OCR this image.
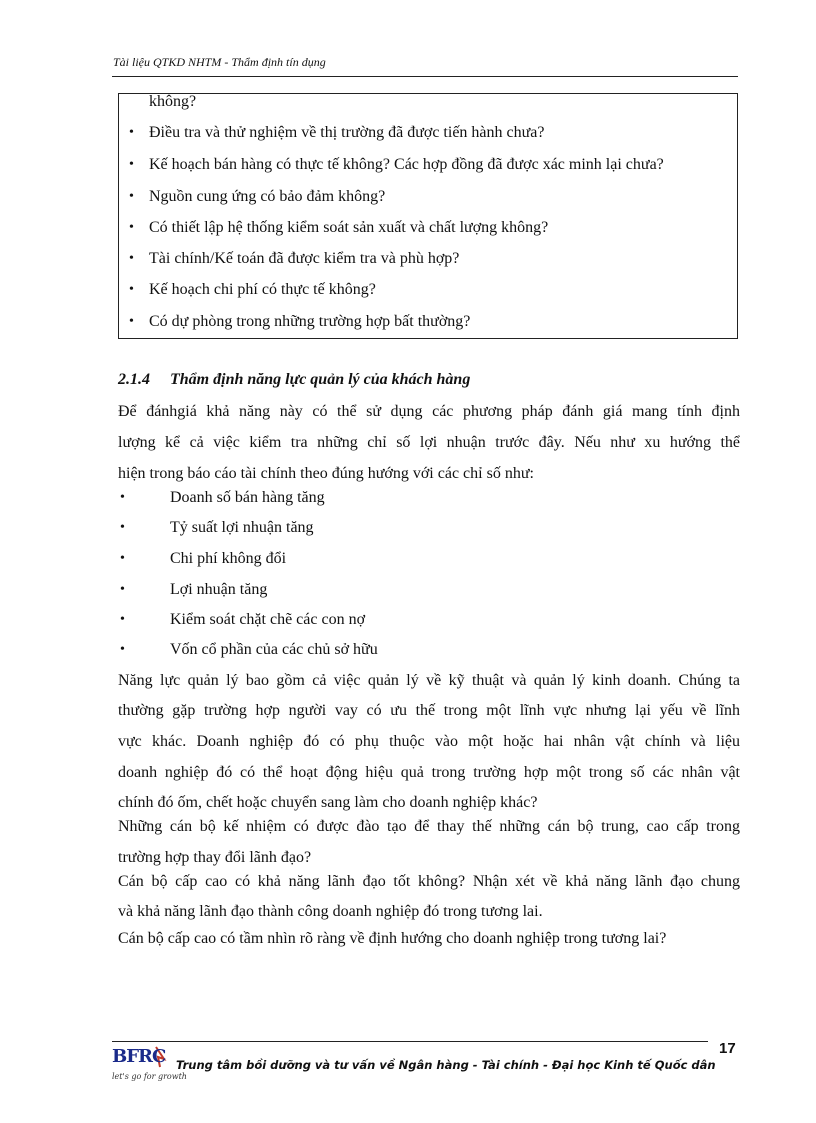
Tài liệu QTKD NHTM - Thẩm định tín dụng
không?
• Điều tra và thử nghiệm về thị trường đã được tiến hành chưa?
• Kế hoạch bán hàng có thực tế không? Các hợp đồng đã được xác minh lại chưa?
• Nguồn cung ứng có bảo đảm không?
• Có thiết lập hệ thống kiểm soát sản xuất và chất lượng không?
• Tài chính/Kế toán đã được kiểm tra và phù hợp?
• Kế hoạch chi phí có thực tế không?
• Có dự phòng trong những trường hợp bất thường?
2.1.4 Thẩm định năng lực quản lý của khách hàng
Để đánhgiá khả năng này có thể sử dụng các phương pháp đánh giá mang tính định
lượng kể cả việc kiểm tra những chỉ số lợi nhuận trước đây. Nếu như xu hướng thể
hiện trong báo cáo tài chính theo đúng hướng với các chỉ số như:
•	Doanh số bán hàng tăng
•	Tỷ suất lợi nhuận tăng
•	Chi phí không đổi
•	Lợi nhuận tăng
•	Kiểm soát chặt chẽ các con nợ
•	Vốn cổ phần của các chủ sở hữu
Năng lực quản lý bao gồm cả việc quản lý về kỹ thuật và quản lý kinh doanh. Chúng ta
thường gặp trường hợp người vay có ưu thế trong một lĩnh vực nhưng lại yếu về lĩnh
vực khác. Doanh nghiệp đó có phụ thuộc vào một hoặc hai nhân vật chính và liệu
doanh nghiệp đó có thể hoạt động hiệu quả trong trường hợp một trong số các nhân vật
chính đó ốm, chết hoặc chuyển sang làm cho doanh nghiệp khác?
Những cán bộ kế nhiệm có được đào tạo để thay thế những cán bộ trung, cao cấp trong
trường hợp thay đổi lãnh đạo?
Cán bộ cấp cao có khả năng lãnh đạo tốt không? Nhận xét về khả năng lãnh đạo chung
và khả năng lãnh đạo thành công doanh nghiệp đó trong tương lai.
Cán bộ cấp cao có tầm nhìn rõ ràng về định hướng cho doanh nghiệp trong tương lai?
17
BFRC
let's go for growth
Trung tâm bồi dưỡng và tư vấn về Ngân hàng - Tài chính - Đại học Kinh tế Quốc dân
